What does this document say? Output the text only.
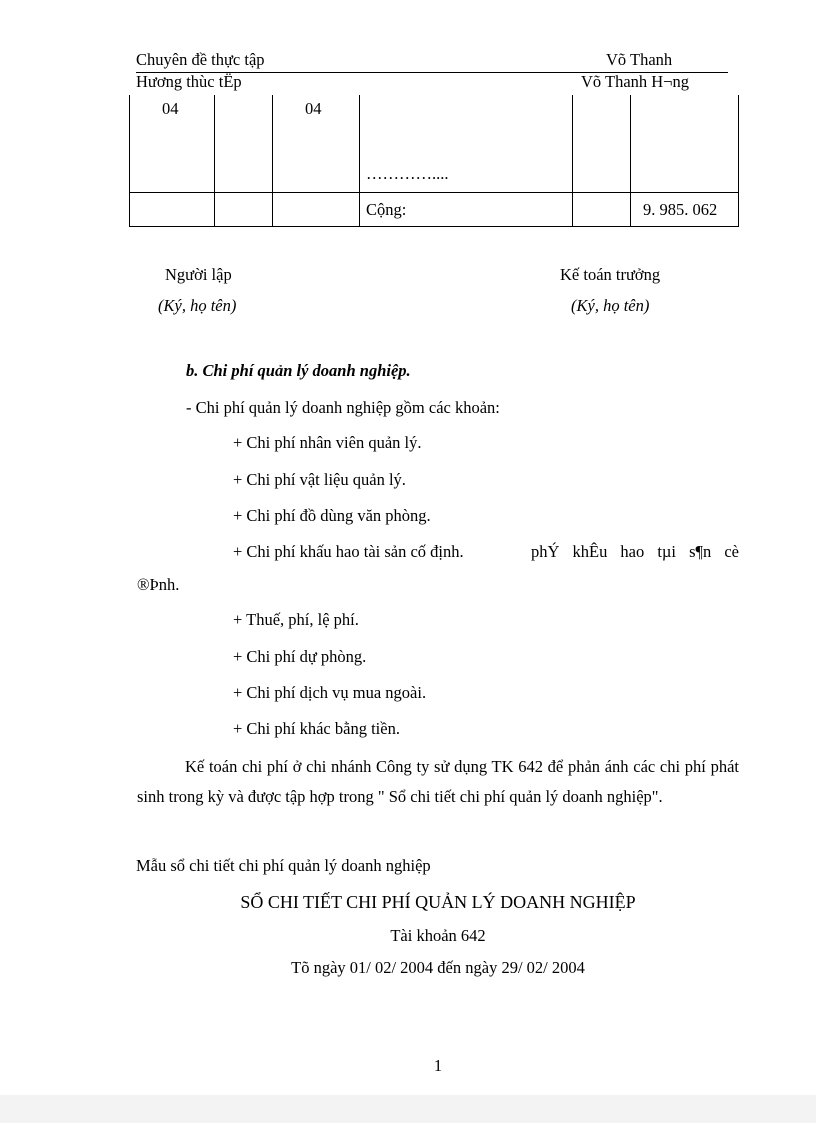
Chuyên đề thực tập	Võ Thanh
Hương thùc tËp	Võ Thanh H¬ng
04		04	…………....		

			Cộng:		9. 985. 062
Người lập
(Ký, họ tên)
Kế toán trưởng
(Ký, họ tên)
b. Chi phí quản lý doanh nghiệp.
- Chi phí quản lý doanh nghiệp gồm các khoản:
+ Chi phí nhân viên quản lý.
+ Chi phí vật liệu quản lý.
+ Chi phí đồ dùng văn phòng.
+ Chi phí khấu hao tài sản cố định.	phÝ khÊu hao tµi s¶n cè
®Þnh.
+ Thuế, phí, lệ phí.
+ Chi phí dự phòng.
+ Chi phí dịch vụ mua ngoài.
+ Chi phí khác bằng tiền.
Kế toán chi phí ở chi nhánh Công ty sử dụng TK 642 để phản ánh các chi phí phát sinh trong kỳ và được tập hợp trong " Sổ chi tiết chi phí quản lý doanh nghiệp".
Mẫu sổ chi tiết chi phí quản lý doanh nghiệp
SỔ CHI TIẾT CHI PHÍ QUẢN LÝ DOANH NGHIỆP
Tài khoản 642
Tõ ngày 01/ 02/ 2004 đến ngày 29/ 02/ 2004
1
